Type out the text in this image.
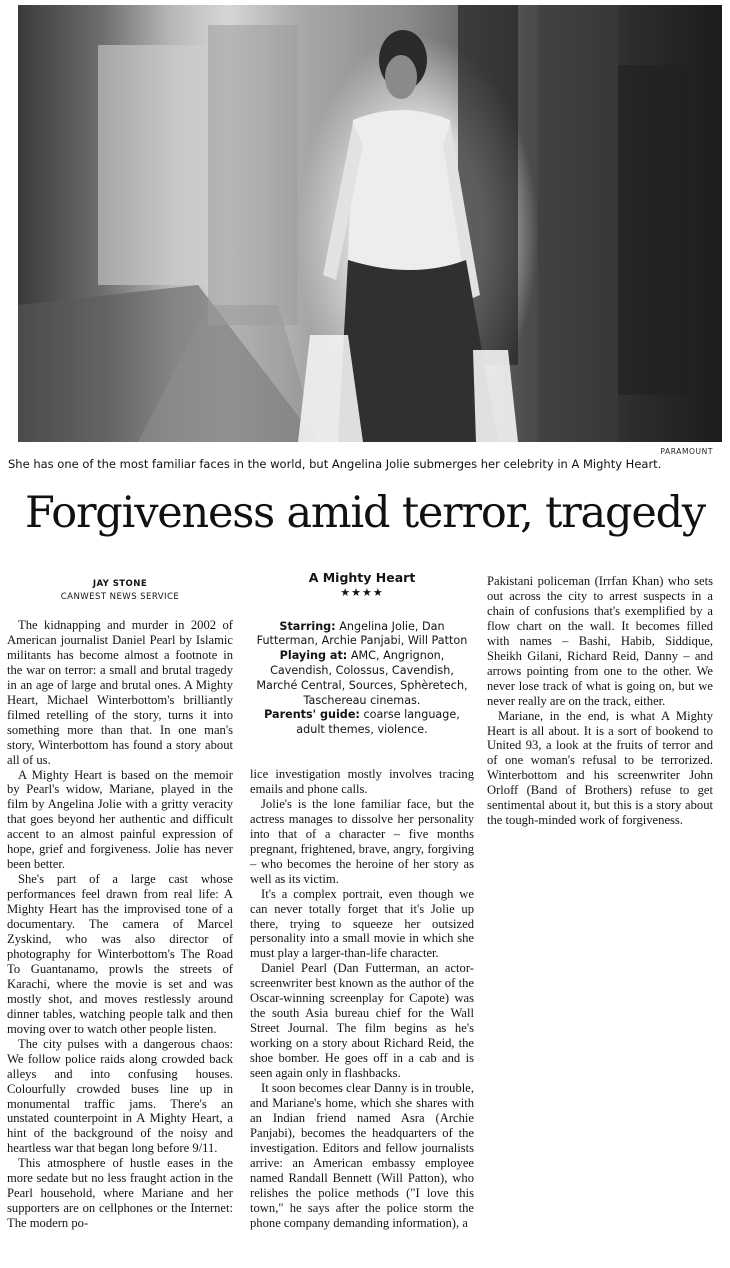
PARAMOUNT
She has one of the most familiar faces in the world, but Angelina Jolie submerges her celebrity in A Mighty Heart.
Forgiveness amid terror, tragedy
JAY STONE
CANWEST NEWS SERVICE
A Mighty Heart
★★★★
Starring: Angelina Jolie, Dan Futterman, Archie Panjabi, Will Patton
Playing at: AMC, Angrignon, Cavendish, Colossus, Cavendish, Marché Central, Sources, Sphèretech, Taschereau cinemas.
Parents' guide: coarse language, adult themes, violence.

The kidnapping and murder in 2002 of American journalist Daniel Pearl by Islamic militants has become almost a footnote in the war on terror: a small and brutal tragedy in an age of large and brutal ones. A Mighty Heart, Michael Winterbottom's brilliantly filmed retelling of the story, turns it into something more than that. In one man's story, Winterbottom has found a story about all of us.

A Mighty Heart is based on the memoir by Pearl's widow, Mariane, played in the film by Angelina Jolie with a gritty veracity that goes beyond her authentic and difficult accent to an almost painful expression of hope, grief and forgiveness. Jolie has never been better.

She's part of a large cast whose performances feel drawn from real life: A Mighty Heart has the improvised tone of a documentary. The camera of Marcel Zyskind, who was also director of photography for Winterbottom's The Road To Guantanamo, prowls the streets of Karachi, where the movie is set and was mostly shot, and moves restlessly around dinner tables, watching people talk and then moving over to watch other people listen.

The city pulses with a dangerous chaos: We follow police raids along crowded back alleys and into confusing houses. Colourfully crowded buses line up in monumental traffic jams. There's an unstated counterpoint in A Mighty Heart, a hint of the background of the noisy and heartless war that began long before 9/11.

This atmosphere of hustle eases in the more sedate but no less fraught action in the Pearl household, where Mariane and her supporters are on cellphones or the Internet: The modern po-

lice investigation mostly involves tracing emails and phone calls.

Jolie's is the lone familiar face, but the actress manages to dissolve her personality into that of a character – five months pregnant, frightened, brave, angry, forgiving – who becomes the heroine of her story as well as its victim.

It's a complex portrait, even though we can never totally forget that it's Jolie up there, trying to squeeze her outsized personality into a small movie in which she must play a larger-than-life character.

Daniel Pearl (Dan Futterman, an actor-screenwriter best known as the author of the Oscar-winning screenplay for Capote) was the south Asia bureau chief for the Wall Street Journal. The film begins as he's working on a story about Richard Reid, the shoe bomber. He goes off in a cab and is seen again only in flashbacks.

It soon becomes clear Danny is in trouble, and Mariane's home, which she shares with an Indian friend named Asra (Archie Panjabi), becomes the headquarters of the investigation. Editors and fellow journalists arrive: an American embassy employee named Randall Bennett (Will Patton), who relishes the police methods ("I love this town," he says after the police storm the phone company demanding information), a

Pakistani policeman (Irrfan Khan) who sets out across the city to arrest suspects in a chain of confusions that's exemplified by a flow chart on the wall. It becomes filled with names – Bashi, Habib, Siddique, Sheikh Gilani, Richard Reid, Danny – and arrows pointing from one to the other. We never lose track of what is going on, but we never really are on the track, either.

Mariane, in the end, is what A Mighty Heart is all about. It is a sort of bookend to United 93, a look at the fruits of terror and of one woman's refusal to be terrorized. Winterbottom and his screenwriter John Orloff (Band of Brothers) refuse to get sentimental about it, but this is a story about the tough-minded work of forgiveness.
